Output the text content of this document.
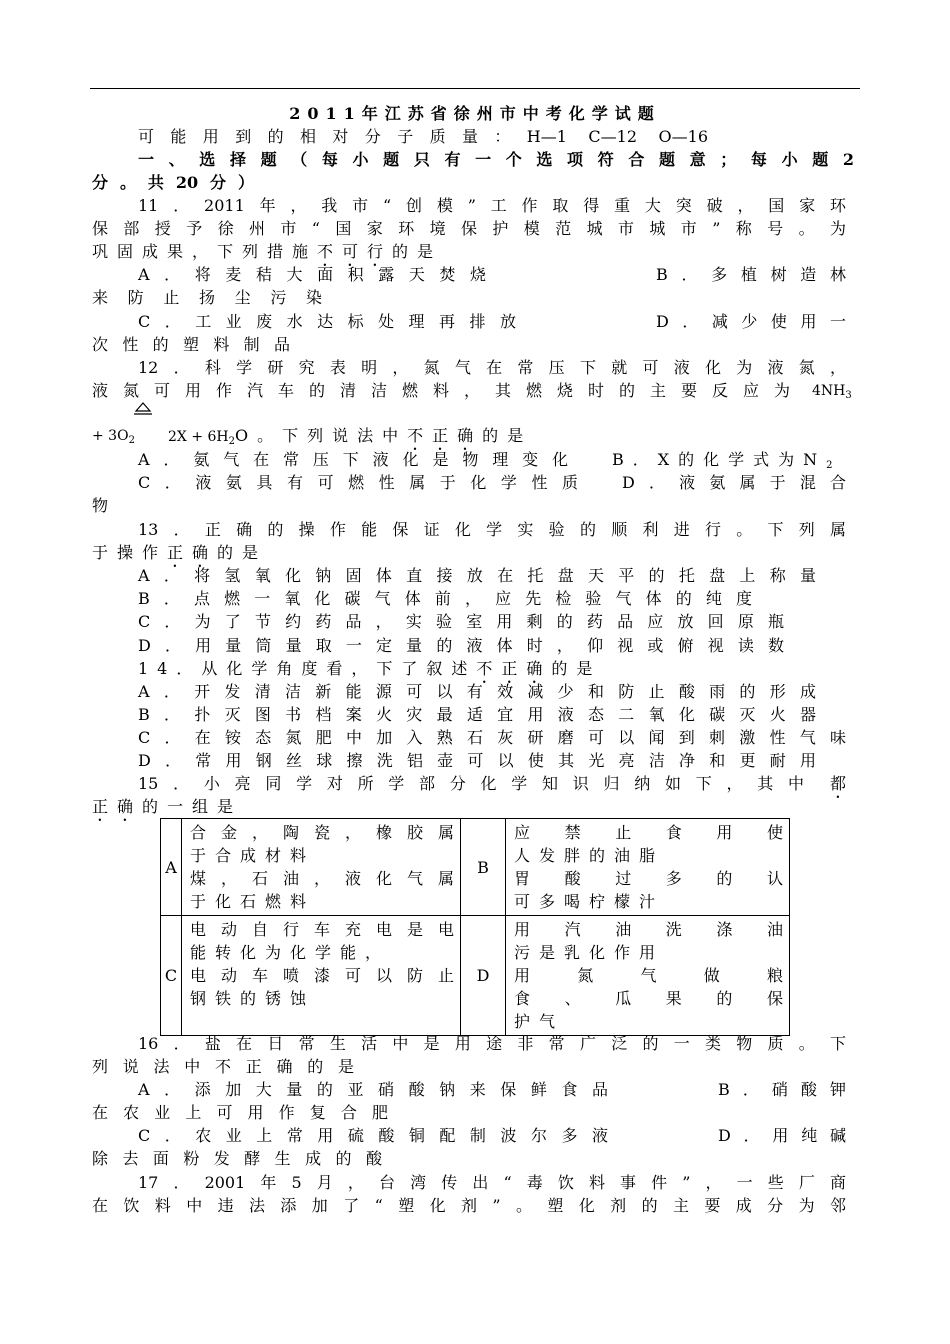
2011年江苏省徐州市中考化学试题
可能用到的相对分子质量：H—1 C—12 O—16
一、选择题（每小题只有一个选项符合题意；每小题2
分。共20分）
11．2011年，我市“创模”工作取得重大突破，国家环
保部授予徐州市“国家环境保护模范城市城市”称号。为
巩固成果，下列措施不可行的是
A．将麦秸大面积露天焚烧	B．多植树造林
来防止扬尘污染
C．工业废水达标处理再排放	D．减少使用一
次性的塑料制品
12．科学研究表明，氮气在常压下就可液化为液氮，
液氮可用作汽车的清洁燃料，其燃烧时的主要反应为 $4NH_3$
+ $3O_2$ $2X + 6H_2O$。下列说法中不正确的是
A．氨气在常压下液化是物理变化	B．X的化学式为$N_2$
C．液氨具有可燃性属于化学性质	D．液氨属于混合
物
13．正确的操作能保证化学实验的顺利进行。下列属
于操作正确的是
A．将氢氧化钠固体直接放在托盘天平的托盘上称量
B．点燃一氧化碳气体前，应先检验气体的纯度
C．为了节约药品，实验室用剩的药品应放回原瓶
D．用量筒量取一定量的液体时，仰视或俯视读数
14．从化学角度看，下了叙述不正确的是
A．开发清洁新能源可以有效减少和防止酸雨的形成
B．扑灭图书档案火灾最适宜用液态二氧化碳灭火器
C．在铵态氮肥中加入熟石灰研磨可以闻到刺激性气味
D．常用钢丝球擦洗铝壶可以使其光亮洁净和更耐用
15．小亮同学对所学部分化学知识归纳如下，其中 都
正确的一组是
A	合金，陶瓷，橡胶属
于合成材料
煤，石油，液化气属
于化石燃料	B	应禁止食用使
人发胖的油脂
胃酸过多的认
可多喝柠檬汁

C	电动自行车充电是电
能转化为化学能，
电动车喷漆可以防止
钢铁的锈蚀	D	用汽油洗涤油
污是乳化作用
用氮气做粮
食、瓜果的保
护气
16．盐在日常生活中是用途非常广泛的一类物质。下
列说法中不正确的是
A．添加大量的亚硝酸钠来保鲜食品	B．硝酸钾
在农业上可用作复合肥
C．农业上常用硫酸铜配制波尔多液	D．用纯碱
除去面粉发酵生成的酸
17．2001年5月，台湾传出“毒饮料事件”，一些厂商
在饮料中违法添加了“塑化剂”。塑化剂的主要成分为邻
